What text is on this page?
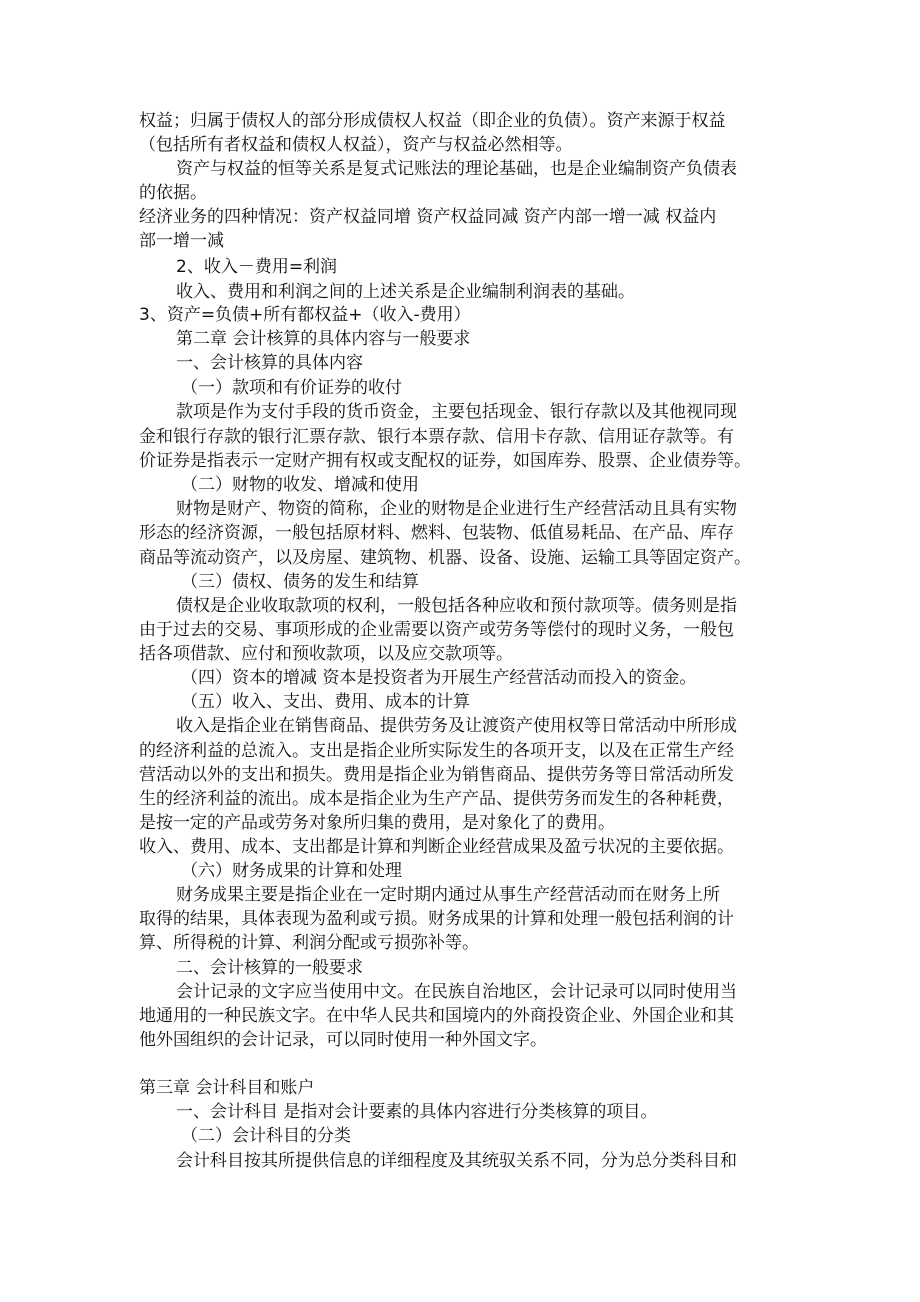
权益；归属于债权人的部分形成债权人权益（即企业的负债）。资产来源于权益
（包括所有者权益和债权人权益），资产与权益必然相等。
资产与权益的恒等关系是复式记账法的理论基础，也是企业编制资产负债表
的依据。
经济业务的四种情况：资产权益同增 资产权益同减 资产内部一增一减 权益内
部一增一减
2、收入－费用=利润
收入、费用和利润之间的上述关系是企业编制利润表的基础。
3、资产=负债+所有都权益+（收入-费用）
第二章 会计核算的具体内容与一般要求
一、会计核算的具体内容
（一）款项和有价证券的收付
款项是作为支付手段的货币资金，主要包括现金、银行存款以及其他视同现
金和银行存款的银行汇票存款、银行本票存款、信用卡存款、信用证存款等。有
价证券是指表示一定财产拥有权或支配权的证券，如国库券、股票、企业债券等。
（二）财物的收发、增减和使用
财物是财产、物资的简称，企业的财物是企业进行生产经营活动且具有实物
形态的经济资源，一般包括原材料、燃料、包装物、低值易耗品、在产品、库存
商品等流动资产，以及房屋、建筑物、机器、设备、设施、运输工具等固定资产。
（三）债权、债务的发生和结算
债权是企业收取款项的权利，一般包括各种应收和预付款项等。债务则是指
由于过去的交易、事项形成的企业需要以资产或劳务等偿付的现时义务，一般包
括各项借款、应付和预收款项，以及应交款项等。
（四）资本的增减 资本是投资者为开展生产经营活动而投入的资金。
（五）收入、支出、费用、成本的计算
收入是指企业在销售商品、提供劳务及让渡资产使用权等日常活动中所形成
的经济利益的总流入。支出是指企业所实际发生的各项开支，以及在正常生产经
营活动以外的支出和损失。费用是指企业为销售商品、提供劳务等日常活动所发
生的经济利益的流出。成本是指企业为生产产品、提供劳务而发生的各种耗费，
是按一定的产品或劳务对象所归集的费用，是对象化了的费用。
收入、费用、成本、支出都是计算和判断企业经营成果及盈亏状况的主要依据。
（六）财务成果的计算和处理
财务成果主要是指企业在一定时期内通过从事生产经营活动而在财务上所
取得的结果，具体表现为盈利或亏损。财务成果的计算和处理一般包括利润的计
算、所得税的计算、利润分配或亏损弥补等。
二、会计核算的一般要求
会计记录的文字应当使用中文。在民族自治地区，会计记录可以同时使用当
地通用的一种民族文字。在中华人民共和国境内的外商投资企业、外国企业和其
他外国组织的会计记录，可以同时使用一种外国文字。
第三章 会计科目和账户
一、会计科目 是指对会计要素的具体内容进行分类核算的项目。
（二）会计科目的分类
会计科目按其所提供信息的详细程度及其统驭关系不同，分为总分类科目和
